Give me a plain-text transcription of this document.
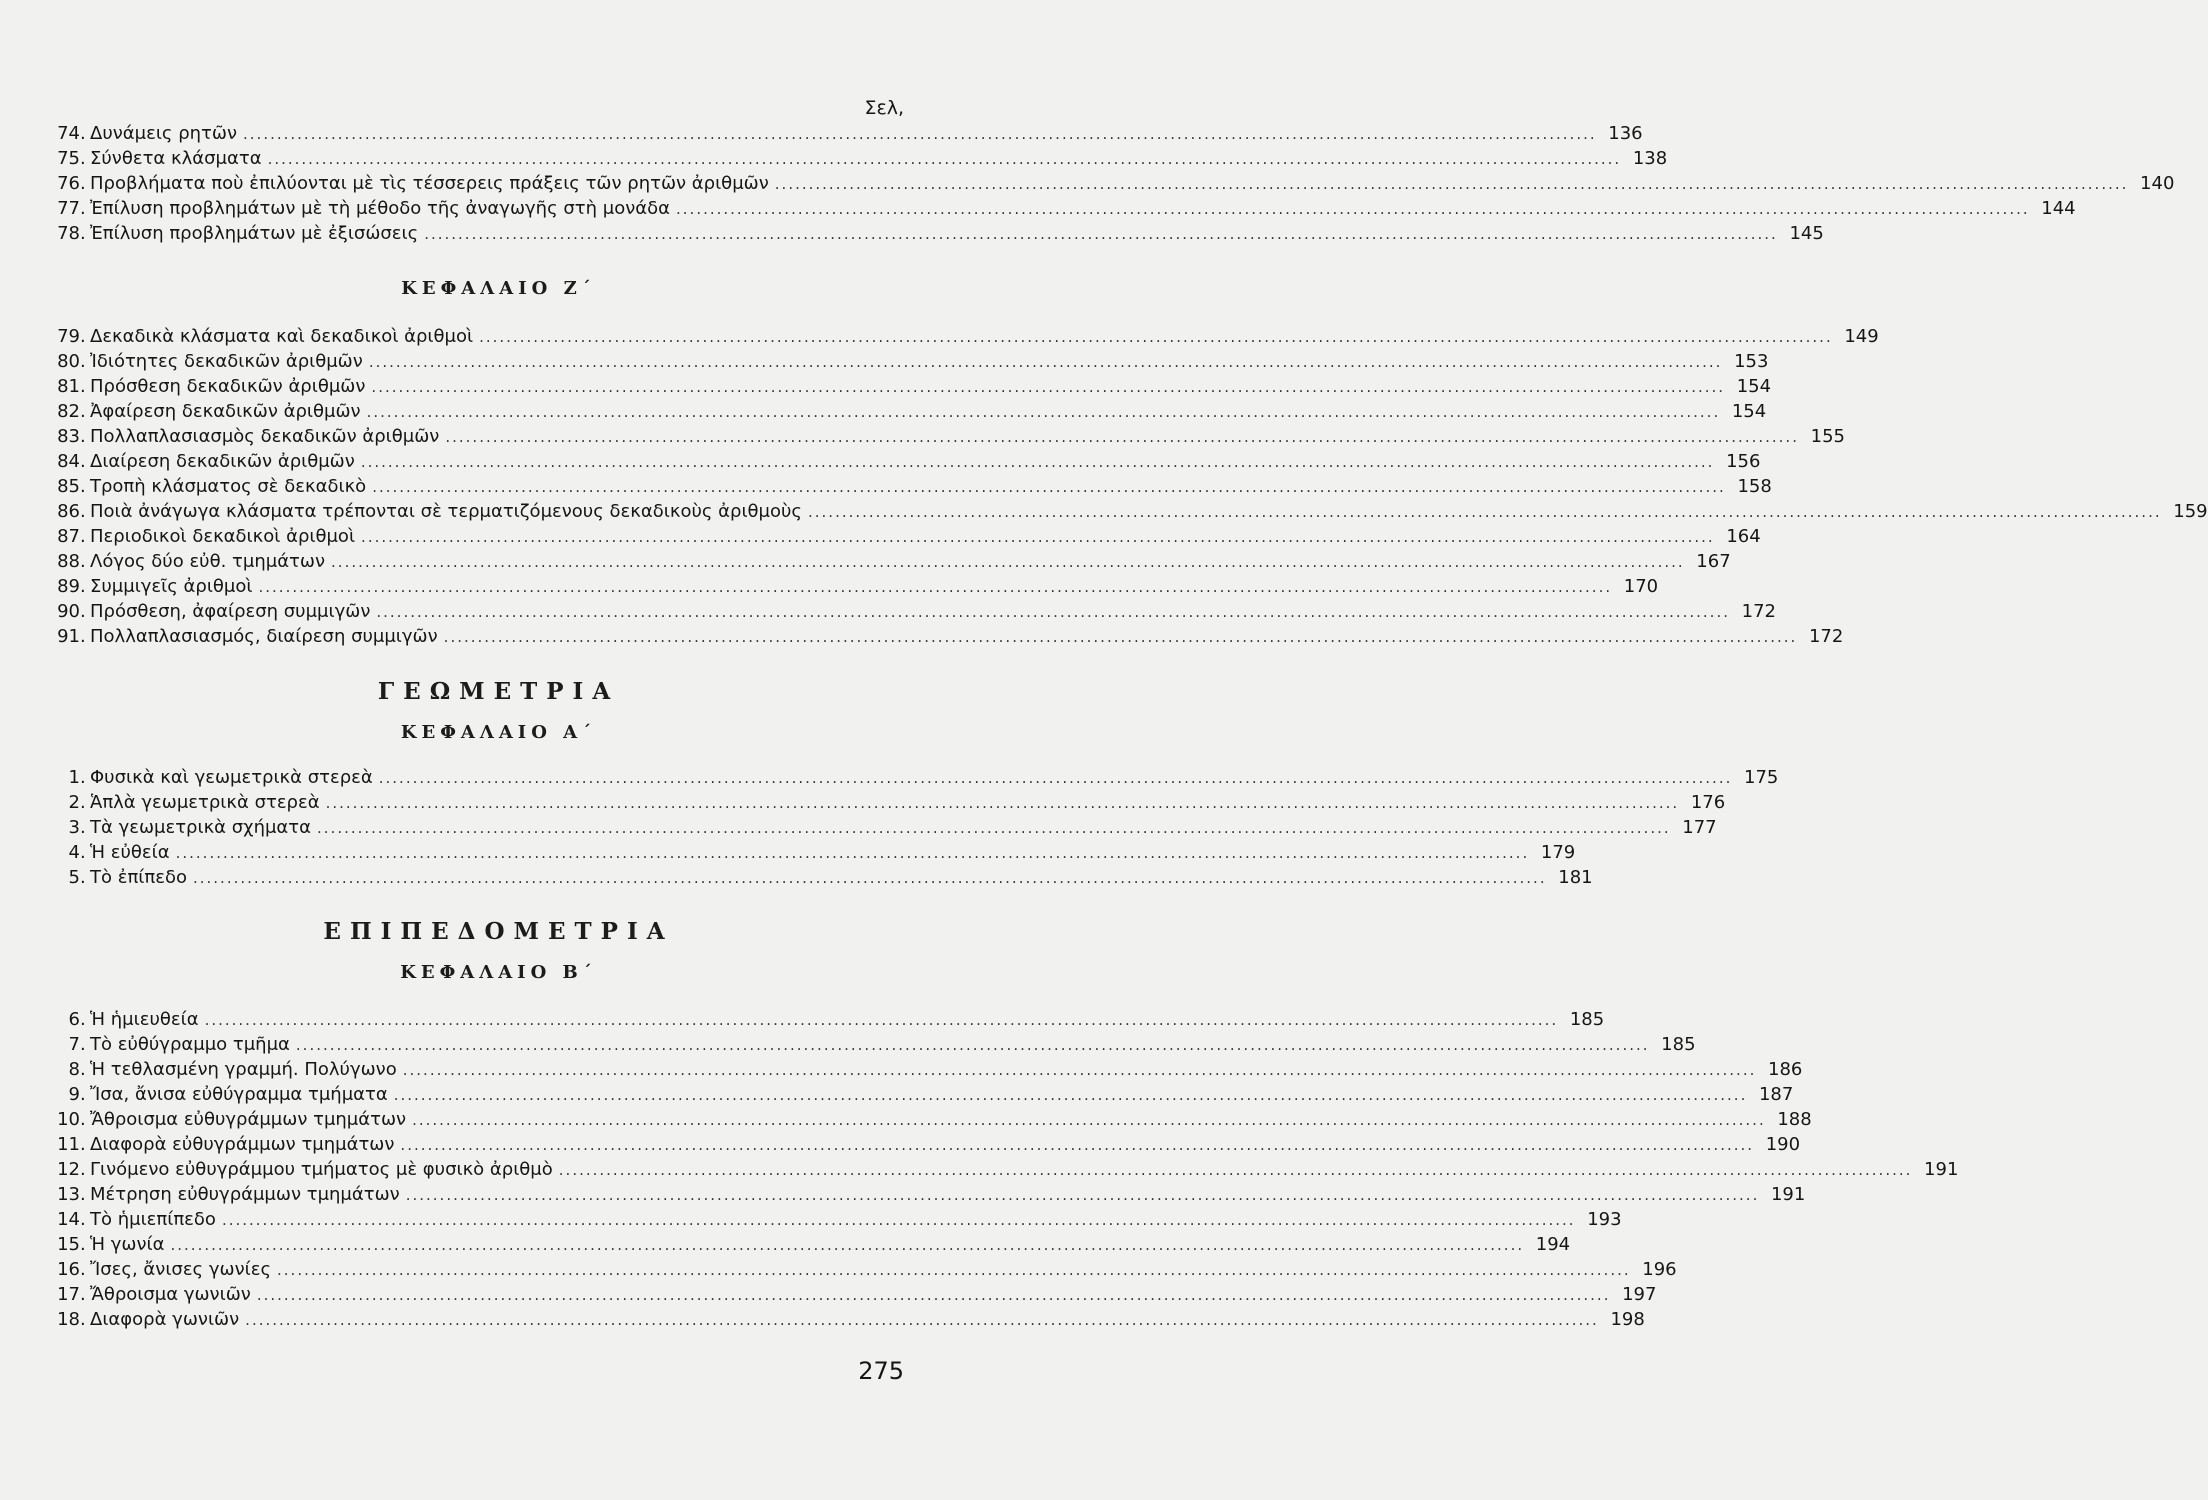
Σελ,
74 . Δυνάμεις ρητῶν ........................................................................................................................................................................................................ 136
75 . Σύνθετα κλάσματα ........................................................................................................................................................................................................ 138
76 . Προβλήματα ποὺ ἐπιλύονται μὲ τὶς τέσσερεις πράξεις τῶν ρητῶν ἀριθμῶν ........................................................................................................................................................................................................ 140
77 . Ἐπίλυση προβλημάτων μὲ τὴ μέθοδο τῆς ἀναγωγῆς στὴ μονάδα ........................................................................................................................................................................................................ 144
78 . Ἐπίλυση προβλημάτων μὲ ἐξισώσεις ........................................................................................................................................................................................................ 145
ΚΕΦΑΛΑΙΟ Ζ΄
79 . Δεκαδικὰ κλάσματα καὶ δεκαδικοὶ ἀριθμοὶ ........................................................................................................................................................................................................ 149
80 . Ἰδιότητες δεκαδικῶν ἀριθμῶν ........................................................................................................................................................................................................ 153
81 . Πρόσθεση δεκαδικῶν ἀριθμῶν ........................................................................................................................................................................................................ 154
82 . Ἀφαίρεση δεκαδικῶν ἀριθμῶν ........................................................................................................................................................................................................ 154
83 . Πολλαπλασιασμὸς δεκαδικῶν ἀριθμῶν ........................................................................................................................................................................................................ 155
84 . Διαίρεση δεκαδικῶν ἀριθμῶν ........................................................................................................................................................................................................ 156
85 . Τροπὴ κλάσματος σὲ δεκαδικὸ ........................................................................................................................................................................................................ 158
86 . Ποιὰ ἀνάγωγα κλάσματα τρέπονται σὲ τερματιζόμενους δεκαδικοὺς ἀριθμοὺς ........................................................................................................................................................................................................ 159
87 . Περιοδικοὶ δεκαδικοὶ ἀριθμοὶ ........................................................................................................................................................................................................ 164
88 . Λόγος δύο εὐθ. τμημάτων ........................................................................................................................................................................................................ 167
89 . Συμμιγεῖς ἀριθμοὶ ........................................................................................................................................................................................................ 170
90 . Πρόσθεση, ἀφαίρεση συμμιγῶν ........................................................................................................................................................................................................ 172
91 . Πολλαπλασιασμός, διαίρεση συμμιγῶν ........................................................................................................................................................................................................ 172
ΓΕΩΜΕΤΡΙΑ
ΚΕΦΑΛΑΙΟ Α΄
1 . Φυσικὰ καὶ γεωμετρικὰ στερεὰ ........................................................................................................................................................................................................ 175
2 . Ἁπλὰ γεωμετρικὰ στερεὰ ........................................................................................................................................................................................................ 176
3 . Τὰ γεωμετρικὰ σχήματα ........................................................................................................................................................................................................ 177
4 . Ἡ εὐθεία ........................................................................................................................................................................................................ 179
5 . Τὸ ἐπίπεδο ........................................................................................................................................................................................................ 181
ΕΠΙΠΕΔΟΜΕΤΡΙΑ
ΚΕΦΑΛΑΙΟ Β΄
6 . Ἡ ἡμιευθεία ........................................................................................................................................................................................................ 185
7 . Τὸ εὐθύγραμμο τμῆμα ........................................................................................................................................................................................................ 185
8 . Ἡ τεθλασμένη γραμμή. Πολύγωνο ........................................................................................................................................................................................................ 186
9 . Ἴσα, ἄνισα εὐθύγραμμα τμήματα ........................................................................................................................................................................................................ 187
10 . Ἄθροισμα εὐθυγράμμων τμημάτων ........................................................................................................................................................................................................ 188
11 . Διαφορὰ εὐθυγράμμων τμημάτων ........................................................................................................................................................................................................ 190
12 . Γινόμενο εὐθυγράμμου τμήματος μὲ φυσικὸ ἀριθμὸ ........................................................................................................................................................................................................ 191
13 . Μέτρηση εὐθυγράμμων τμημάτων ........................................................................................................................................................................................................ 191
14 . Τὸ ἡμιεπίπεδο ........................................................................................................................................................................................................ 193
15 . Ἡ γωνία ........................................................................................................................................................................................................ 194
16 . Ἴσες, ἄνισες γωνίες ........................................................................................................................................................................................................ 196
17 . Ἄθροισμα γωνιῶν ........................................................................................................................................................................................................ 197
18 . Διαφορὰ γωνιῶν ........................................................................................................................................................................................................ 198
275
